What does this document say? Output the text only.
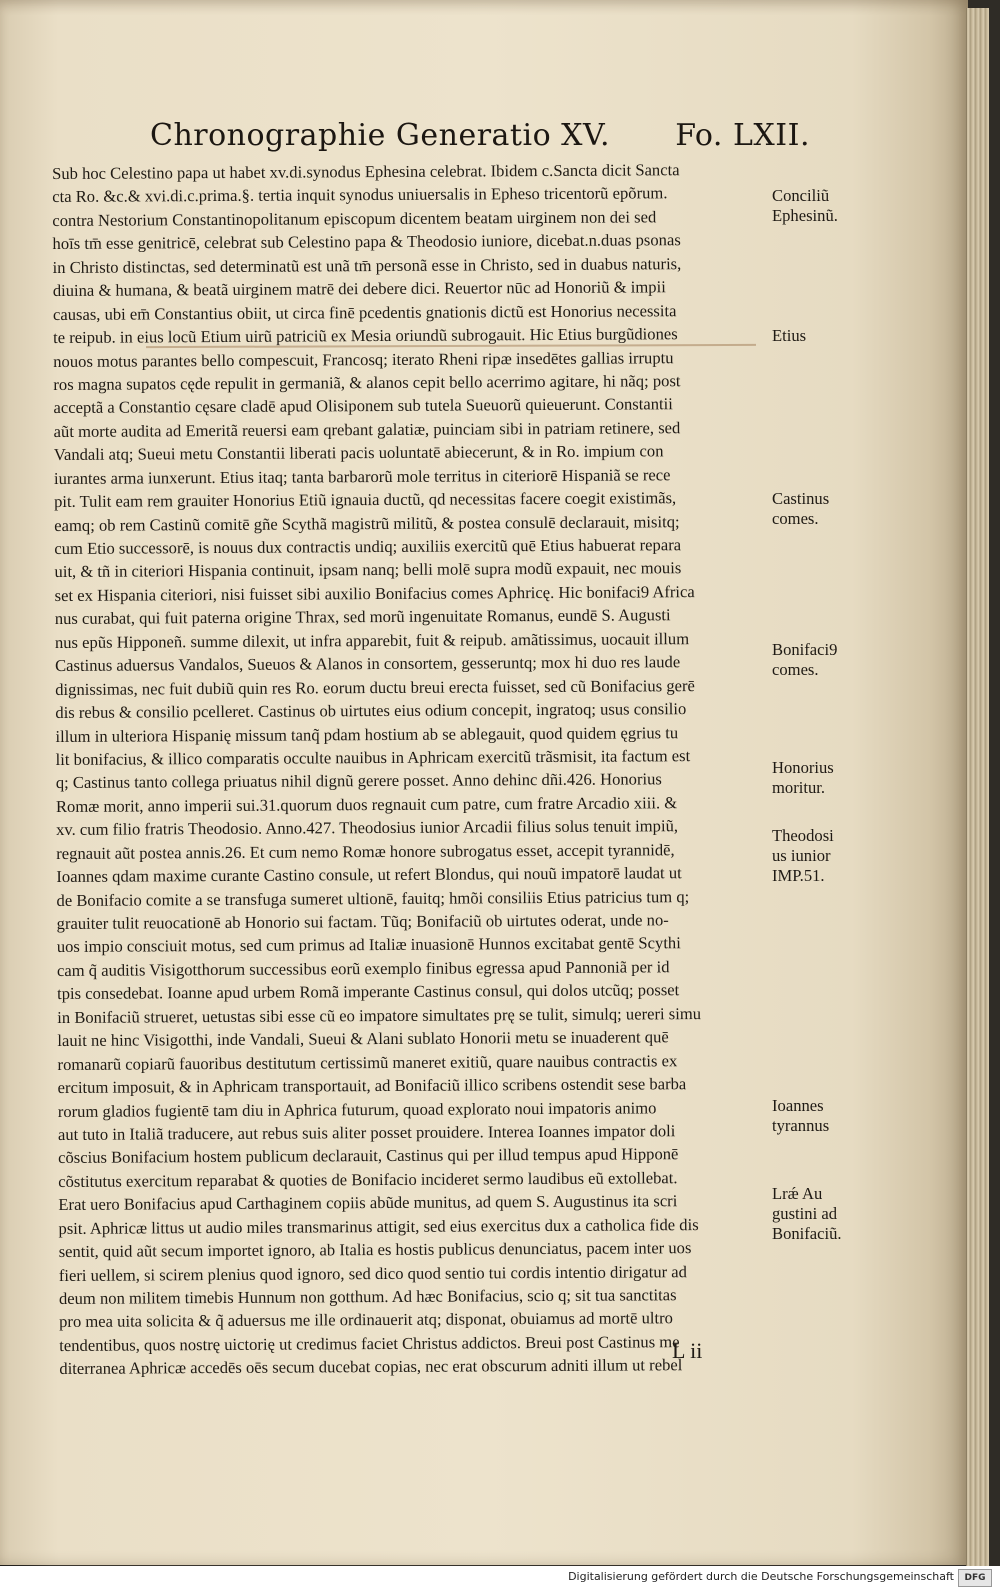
Chronographie Generatio XV. Fo. LXII.
Sub hoc Celestino papa ut habet xv.di.synodus Ephesina celebrat. Ibidem c.Sancta dicit Sancta
cta Ro. &c.& xvi.di.c.prima.§. tertia inquit synodus uniuersalis in Epheso tricentorũ epõrum.
contra Nestorium Constantinopolitanum episcopum dicentem beatam uirginem non dei sed
hoīs tm̄ esse genitricē, celebrat sub Celestino papa & Theodosio iuniore, dicebat.n.duas psonas
in Christo distinctas, sed determinatũ est unã tm̄ personã esse in Christo, sed in duabus naturis,
diuina & humana, & beatã uirginem matrē dei debere dici. Reuertor nūc ad Honoriũ & impii
causas, ubi em̄ Constantius obiit, ut circa finē pcedentis gnationis dictũ est Honorius necessita
te reipub. in eius locũ Etium uirũ patriciũ ex Mesia oriundũ subrogauit. Hic Etius burgũdiones
nouos motus parantes bello compescuit, Francosq; iterato Rheni ripæ insedētes gallias irruptu
ros magna supatos cęde repulit in germaniã, & alanos cepit bello acerrimo agitare, hi nãq; post
acceptã a Constantio cęsare cladē apud Olisiponem sub tutela Sueuorũ quieuerunt. Constantii
aũt morte audita ad Emeritã reuersi eam qrebant galatiæ, puinciam sibi in patriam retinere, sed
Vandali atq; Sueui metu Constantii liberati pacis uoluntatē abiecerunt, & in Ro. impium con
iurantes arma iunxerunt. Etius itaq; tanta barbarorũ mole territus in citeriorē Hispaniã se rece
pit. Tulit eam rem grauiter Honorius Etiũ ignauia ductũ, qd necessitas facere coegit existimãs,
eamq; ob rem Castinũ comitē gñe Scythã magistrũ militũ, & postea consulē declarauit, misitq;
cum Etio successorē, is nouus dux contractis undiq; auxiliis exercitũ quē Etius habuerat repara
uit, & tñ in citeriori Hispania continuit, ipsam nanq; belli molē supra modũ expauit, nec mouis
set ex Hispania citeriori, nisi fuisset sibi auxilio Bonifacius comes Aphricę. Hic bonifaci9 Africa
nus curabat, qui fuit paterna origine Thrax, sed morũ ingenuitate Romanus, eundē S. Augusti
nus epũs Hipponeñ. summe dilexit, ut infra apparebit, fuit & reipub. amãtissimus, uocauit illum
Castinus aduersus Vandalos, Sueuos & Alanos in consortem, gesseruntq; mox hi duo res laude
dignissimas, nec fuit dubiũ quin res Ro. eorum ductu breui erecta fuisset, sed cũ Bonifacius gerē
dis rebus & consilio pcelleret. Castinus ob uirtutes eius odium concepit, ingratoq; usus consilio
illum in ulteriora Hispanię missum tanq̃ pdam hostium ab se ablegauit, quod quidem ęgrius tu
lit bonifacius, & illico comparatis occulte nauibus in Aphricam exercitũ trãsmisit, ita factum est
q; Castinus tanto collega priuatus nihil dignũ gerere posset. Anno dehinc dñi.426. Honorius
Romæ morit, anno imperii sui.31.quorum duos regnauit cum patre, cum fratre Arcadio xiii. &
xv. cum filio fratris Theodosio. Anno.427. Theodosius iunior Arcadii filius solus tenuit impiũ,
regnauit aũt postea annis.26. Et cum nemo Romæ honore subrogatus esset, accepit tyrannidē,
Ioannes qdam maxime curante Castino consule, ut refert Blondus, qui nouũ impatorē laudat ut
de Bonifacio comite a se transfuga sumeret ultionē, fauitq; hmõi consiliis Etius patricius tum q;
grauiter tulit reuocationē ab Honorio sui factam. Tũq; Bonifaciũ ob uirtutes oderat, unde no-
uos impio consciuit motus, sed cum primus ad Italiæ inuasionē Hunnos excitabat gentē Scythi
cam q̃ auditis Visigotthorum successibus eorũ exemplo finibus egressa apud Pannoniã per id
tpis consedebat. Ioanne apud urbem Romã imperante Castinus consul, qui dolos utcũq; posset
in Bonifaciũ strueret, uetustas sibi esse cũ eo impatore simultates prę se tulit, simulq; uereri simu
lauit ne hinc Visigotthi, inde Vandali, Sueui & Alani sublato Honorii metu se inuaderent quē
romanarũ copiarũ fauoribus destitutum certissimũ maneret exitiũ, quare nauibus contractis ex
ercitum imposuit, & in Aphricam transportauit, ad Bonifaciũ illico scribens ostendit sese barba
rorum gladios fugientē tam diu in Aphrica futurum, quoad explorato noui impatoris animo
aut tuto in Italiã traducere, aut rebus suis aliter posset prouidere. Interea Ioannes impator doli
cõscius Bonifacium hostem publicum declarauit, Castinus qui per illud tempus apud Hipponē
cõstitutus exercitum reparabat & quoties de Bonifacio incideret sermo laudibus eũ extollebat.
Erat uero Bonifacius apud Carthaginem copiis abũde munitus, ad quem S. Augustinus ita scri
psit. Aphricæ littus ut audio miles transmarinus attigit, sed eius exercitus dux a catholica fide dis
sentit, quid aũt secum importet ignoro, ab Italia es hostis publicus denunciatus, pacem inter uos
fieri uellem, si scirem plenius quod ignoro, sed dico quod sentio tui cordis intentio dirigatur ad
deum non militem timebis Hunnum non gotthum. Ad hæc Bonifacius, scio q; sit tua sanctitas
pro mea uita solicita & q̃ aduersus me ille ordinauerit atq; disponat, obuiamus ad mortē ultro
tendentibus, quos nostrę uictorię ut credimus faciet Christus addictos. Breui post Castinus me
diterranea Aphricæ accedēs oēs secum ducebat copias, nec erat obscurum adniti illum ut rebel
Conciliũ
Ephesinũ.
Etius
Castinus
comes.
Bonifaci9
comes.
Honorius
moritur.
Theodosi
us iunior
IMP.51.
Ioannes
tyrannus
Lrǽ Au
gustini ad
Bonifaciũ.
L ii
Digitalisierung gefördert durch die Deutsche Forschungsgemeinschaft	DFG
